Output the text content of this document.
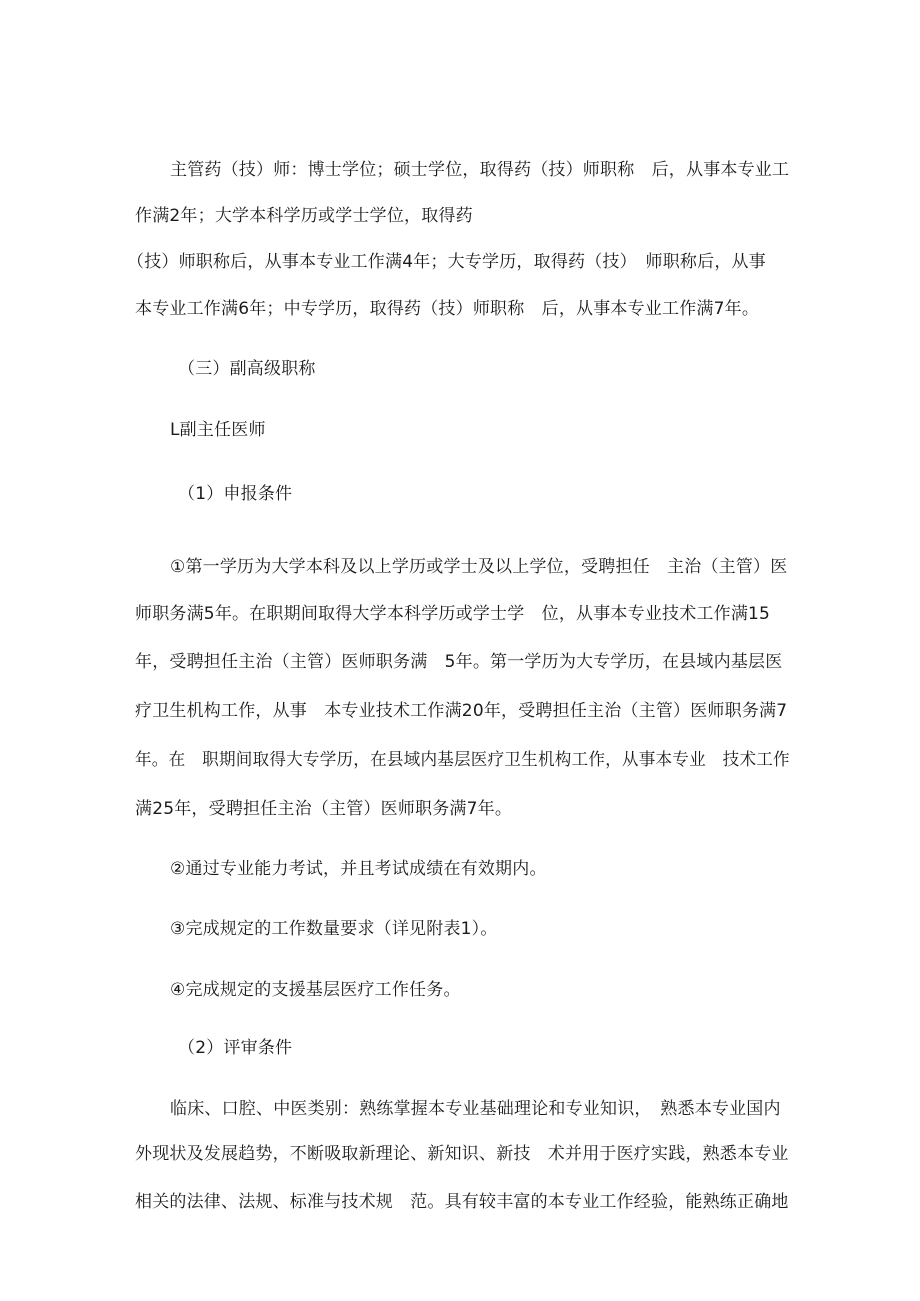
主管药（技）师：博士学位；硕士学位，取得药（技）师职称　后，从事本专业工
作满2年；大学本科学历或学士学位，取得药
（技）师职称后，从事本专业工作满4年；大专学历，取得药（技）　师职称后，从事
本专业工作满6年；中专学历，取得药（技）师职称　后，从事本专业工作满7年。
（三）副高级职称
L副主任医师
（1）申报条件
①第一学历为大学本科及以上学历或学士及以上学位，受聘担任　主治（主管）医
师职务满5年。在职期间取得大学本科学历或学士学　位，从事本专业技术工作满15
年，受聘担任主治（主管）医师职务满　5年。第一学历为大专学历，在县域内基层医
疗卫生机构工作，从事　本专业技术工作满20年，受聘担任主治（主管）医师职务满7
年。在　职期间取得大专学历，在县域内基层医疗卫生机构工作，从事本专业　技术工作
满25年，受聘担任主治（主管）医师职务满7年。
②通过专业能力考试，并且考试成绩在有效期内。
③完成规定的工作数量要求（详见附表1）。
④完成规定的支援基层医疗工作任务。
（2）评审条件
临床、口腔、中医类别：熟练掌握本专业基础理论和专业知识，　熟悉本专业国内
外现状及发展趋势，不断吸取新理论、新知识、新技　术并用于医疗实践，熟悉本专业
相关的法律、法规、标准与技术规　范。具有较丰富的本专业工作经验，能熟练正确地
